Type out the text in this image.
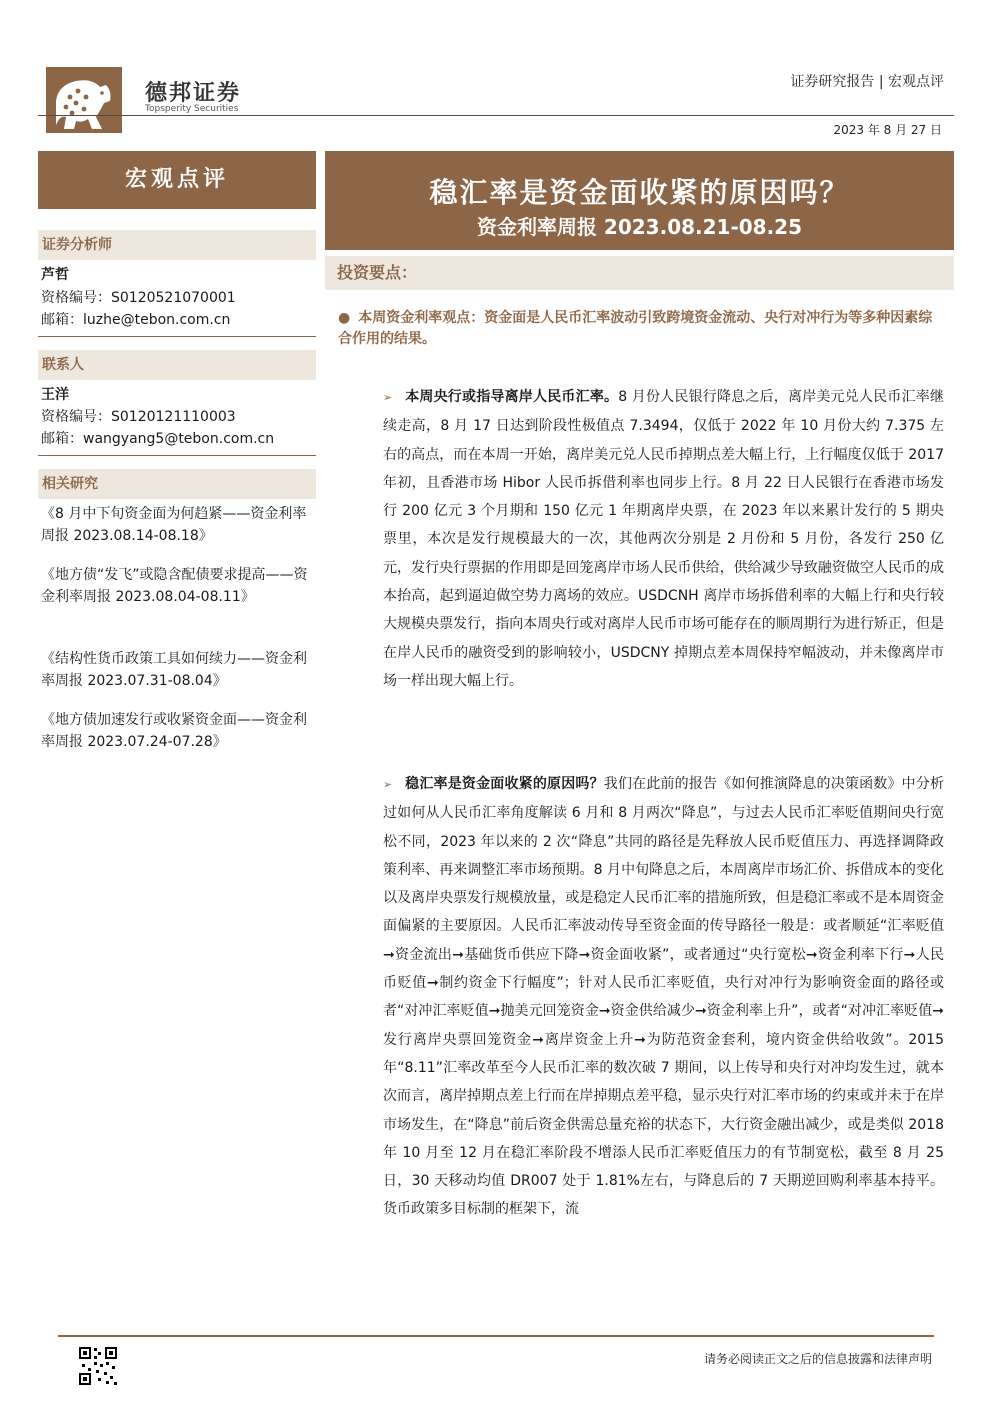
德邦证券
Topsperity Securities
证券研究报告 | 宏观点评
2023 年 8 月 27 日
宏观点评	稳汇率是资金面收紧的原因吗？
资金利率周报 2023.08.21-08.25
证券分析师
芦哲
资格编号：S0120521070001
邮箱：luzhe@tebon.com.cn
联系人
王洋
资格编号：S0120121110003
邮箱：wangyang5@tebon.com.cn
相关研究
《8 月中下旬资金面为何趋紧——资金利率周报 2023.08.14-08.18》
《地方债“发飞”或隐含配债要求提高——资金利率周报 2023.08.04-08.11》
《结构性货币政策工具如何续力——资金利率周报 2023.07.31-08.04》
《地方债加速发行或收紧资金面——资金利率周报 2023.07.24-07.28》
投资要点：
● 本周资金利率观点：资金面是人民币汇率波动引致跨境资金流动、央行对冲行为等多种因素综合作用的结果。
➢ 本周央行或指导离岸人民币汇率。8 月份人民银行降息之后，离岸美元兑人民币汇率继续走高，8 月 17 日达到阶段性极值点 7.3494，仅低于 2022 年 10 月份大约 7.375 左右的高点，而在本周一开始，离岸美元兑人民币掉期点差大幅上行，上行幅度仅低于 2017 年初，且香港市场 Hibor 人民币拆借利率也同步上行。8 月 22 日人民银行在香港市场发行 200 亿元 3 个月期和 150 亿元 1 年期离岸央票，在 2023 年以来累计发行的 5 期央票里，本次是发行规模最大的一次，其他两次分别是 2 月份和 5 月份，各发行 250 亿元，发行央行票据的作用即是回笼离岸市场人民币供给，供给减少导致融资做空人民币的成本抬高，起到逼迫做空势力离场的效应。USDCNH 离岸市场拆借利率的大幅上行和央行较大规模央票发行，指向本周央行或对离岸人民币市场可能存在的顺周期行为进行矫正，但是在岸人民币的融资受到的影响较小，USDCNY 掉期点差本周保持窄幅波动，并未像离岸市场一样出现大幅上行。
➢ 稳汇率是资金面收紧的原因吗？我们在此前的报告《如何推演降息的决策函数》中分析过如何从人民币汇率角度解读 6 月和 8 月两次“降息”，与过去人民币汇率贬值期间央行宽松不同，2023 年以来的 2 次“降息”共同的路径是先释放人民币贬值压力、再选择调降政策利率、再来调整汇率市场预期。8 月中旬降息之后，本周离岸市场汇价、拆借成本的变化以及离岸央票发行规模放量，或是稳定人民币汇率的措施所致，但是稳汇率或不是本周资金面偏紧的主要原因。人民币汇率波动传导至资金面的传导路径一般是：或者顺延“汇率贬值➞资金流出➞基础货币供应下降➞资金面收紧”，或者通过“央行宽松➞资金利率下行➞人民币贬值➞制约资金下行幅度”；针对人民币汇率贬值，央行对冲行为影响资金面的路径或者“对冲汇率贬值➞抛美元回笼资金➞资金供给减少➞资金利率上升”，或者“对冲汇率贬值➞发行离岸央票回笼资金➞离岸资金上升➞为防范资金套利，境内资金供给收敛”。2015 年“8.11”汇率改革至今人民币汇率的数次破 7 期间，以上传导和央行对冲均发生过，就本次而言，离岸掉期点差上行而在岸掉期点差平稳，显示央行对汇率市场的约束或并未于在岸市场发生，在“降息”前后资金供需总量充裕的状态下，大行资金融出减少，或是类似 2018 年 10 月至 12 月在稳汇率阶段不增添人民币汇率贬值压力的有节制宽松，截至 8 月 25 日，30 天移动均值 DR007 处于 1.81%左右，与降息后的 7 天期逆回购利率基本持平。货币政策多目标制的框架下，流
请务必阅读正文之后的信息披露和法律声明
